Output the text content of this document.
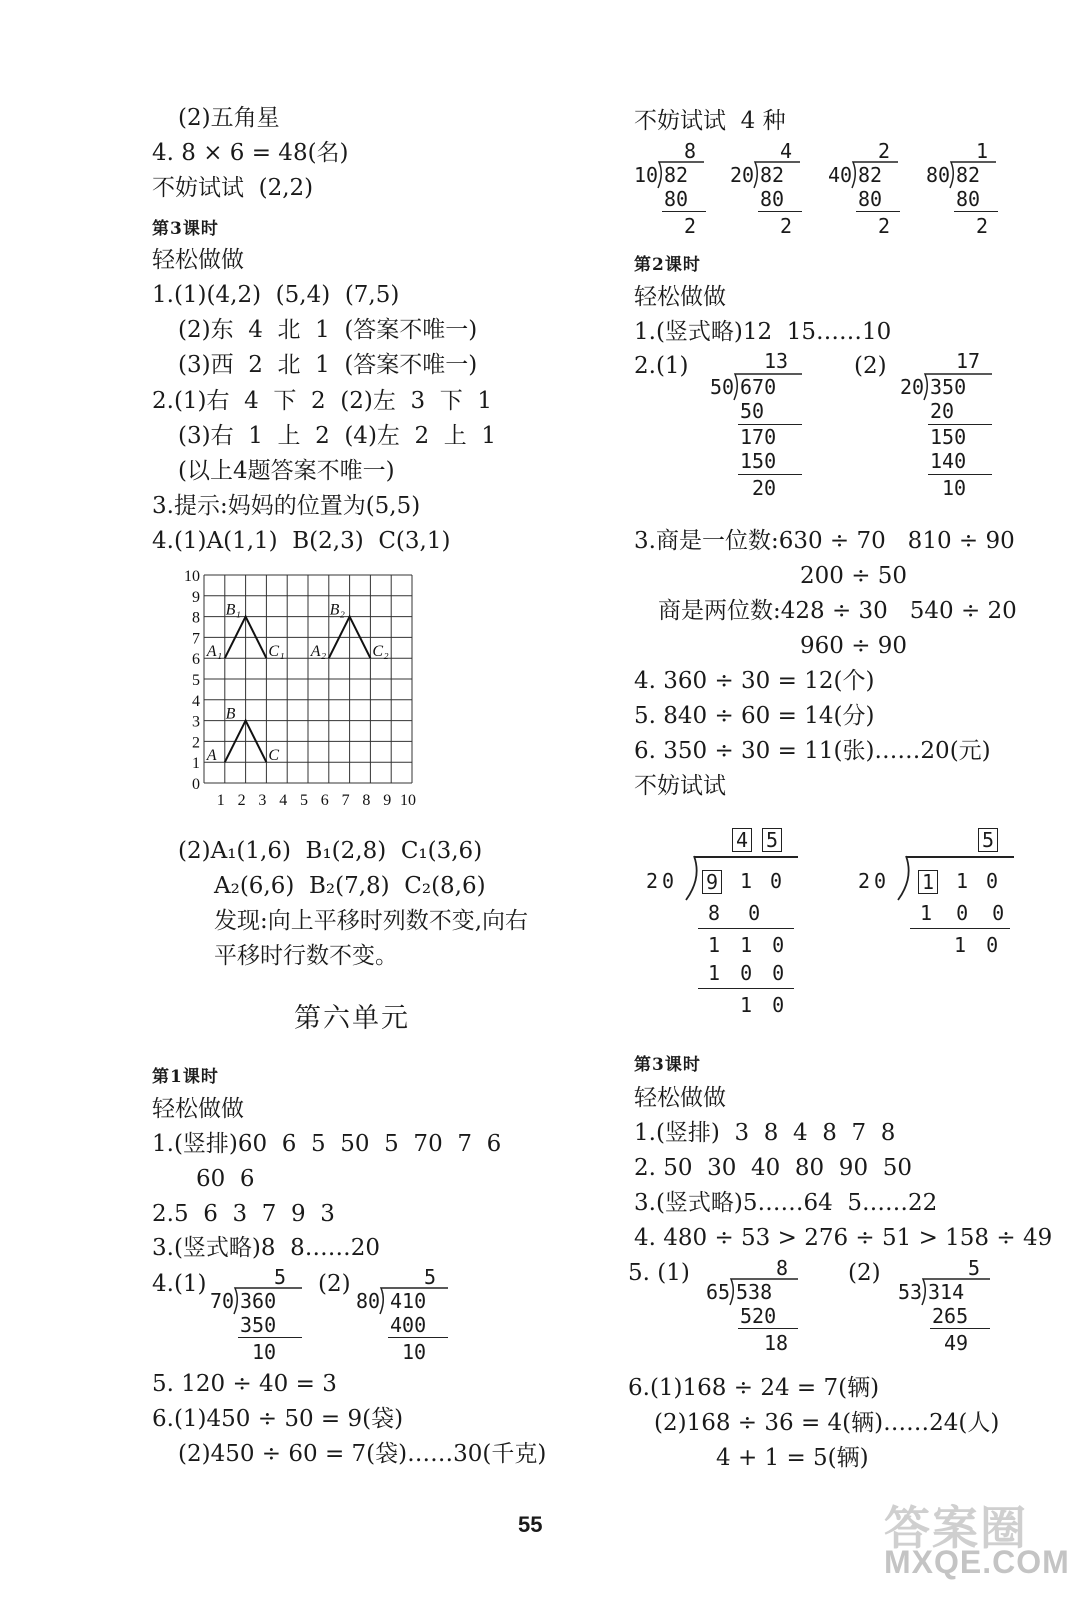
(2)五角星
4. 8 × 6 = 48(名)
不妨试试  (2,2)
第3课时
轻松做做
1.(1)(4,2)  (5,4)  (7,5)
(2)东  4  北  1  (答案不唯一)
(3)西  2  北  1  (答案不唯一)
2.(1)右  4  下  2  (2)左  3  下  1
(3)右  1  上  2  (4)左  2  上  1
(以上4题答案不唯一)
3.提示:妈妈的位置为(5,5)
4.(1)A(1,1)  B(2,3)  C(3,1)
10
9
8
7
6
5
4
3
2
1
0
1 2 3 4 5 6 7 8 9 10
A
B
C
A₁
B₁
C₁ A₂
B₂
C₂
(2)A₁(1,6)  B₁(2,8)  C₁(3,6)
A₂(6,6)  B₂(7,8)  C₂(8,6)
发现:向上平移时列数不变,向右
平移时行数不变。
第六单元
第1课时
轻松做做
1.(竖排)60  6  5  50  5  70  7  6
60  6
2.5  6  3  7  9  3
3.(竖式略)8  8……20
4.(1)	(2)
5
70 360
350
10
5
80 410
400
10
5. 120 ÷ 40 = 3
6.(1)450 ÷ 50 = 9(袋)
(2)450 ÷ 60 = 7(袋)……30(千克)
不妨试试  4 种
8
10 82
80
2
4
20 82
80
2
2
40 82
80
2
1
80 82
80
2
第2课时
轻松做做
1.(竖式略)12  15……10
2.(1)	(2)
13
50 670
50
170
150
20
17
20 350
20
150
140
10
3.商是一位数:630 ÷ 70   810 ÷ 90
200 ÷ 50
商是两位数:428 ÷ 30   540 ÷ 20
960 ÷ 90
4. 360 ÷ 30 = 12(个)
5. 840 ÷ 60 = 14(分)
6. 350 ÷ 30 = 11(张)……20(元)
不妨试试
4 5
20 9 1 0
8 0
1 1 0
1 0 0
1 0
5
20 1 1 0
1 0 0
1 0
第3课时
轻松做做
1.(竖排)  3  8  4  8  7  8
2. 50  30  40  80  90  50
3.(竖式略)5……64  5……22
4. 480 ÷ 53 > 276 ÷ 51 > 158 ÷ 49
5. (1)	(2)
8
65 538
520
18
5
53 314
265
49
6.(1)168 ÷ 24 = 7(辆)
(2)168 ÷ 36 = 4(辆)……24(人)
4 + 1 = 5(辆)
55	答案圈
MXQE.COM
